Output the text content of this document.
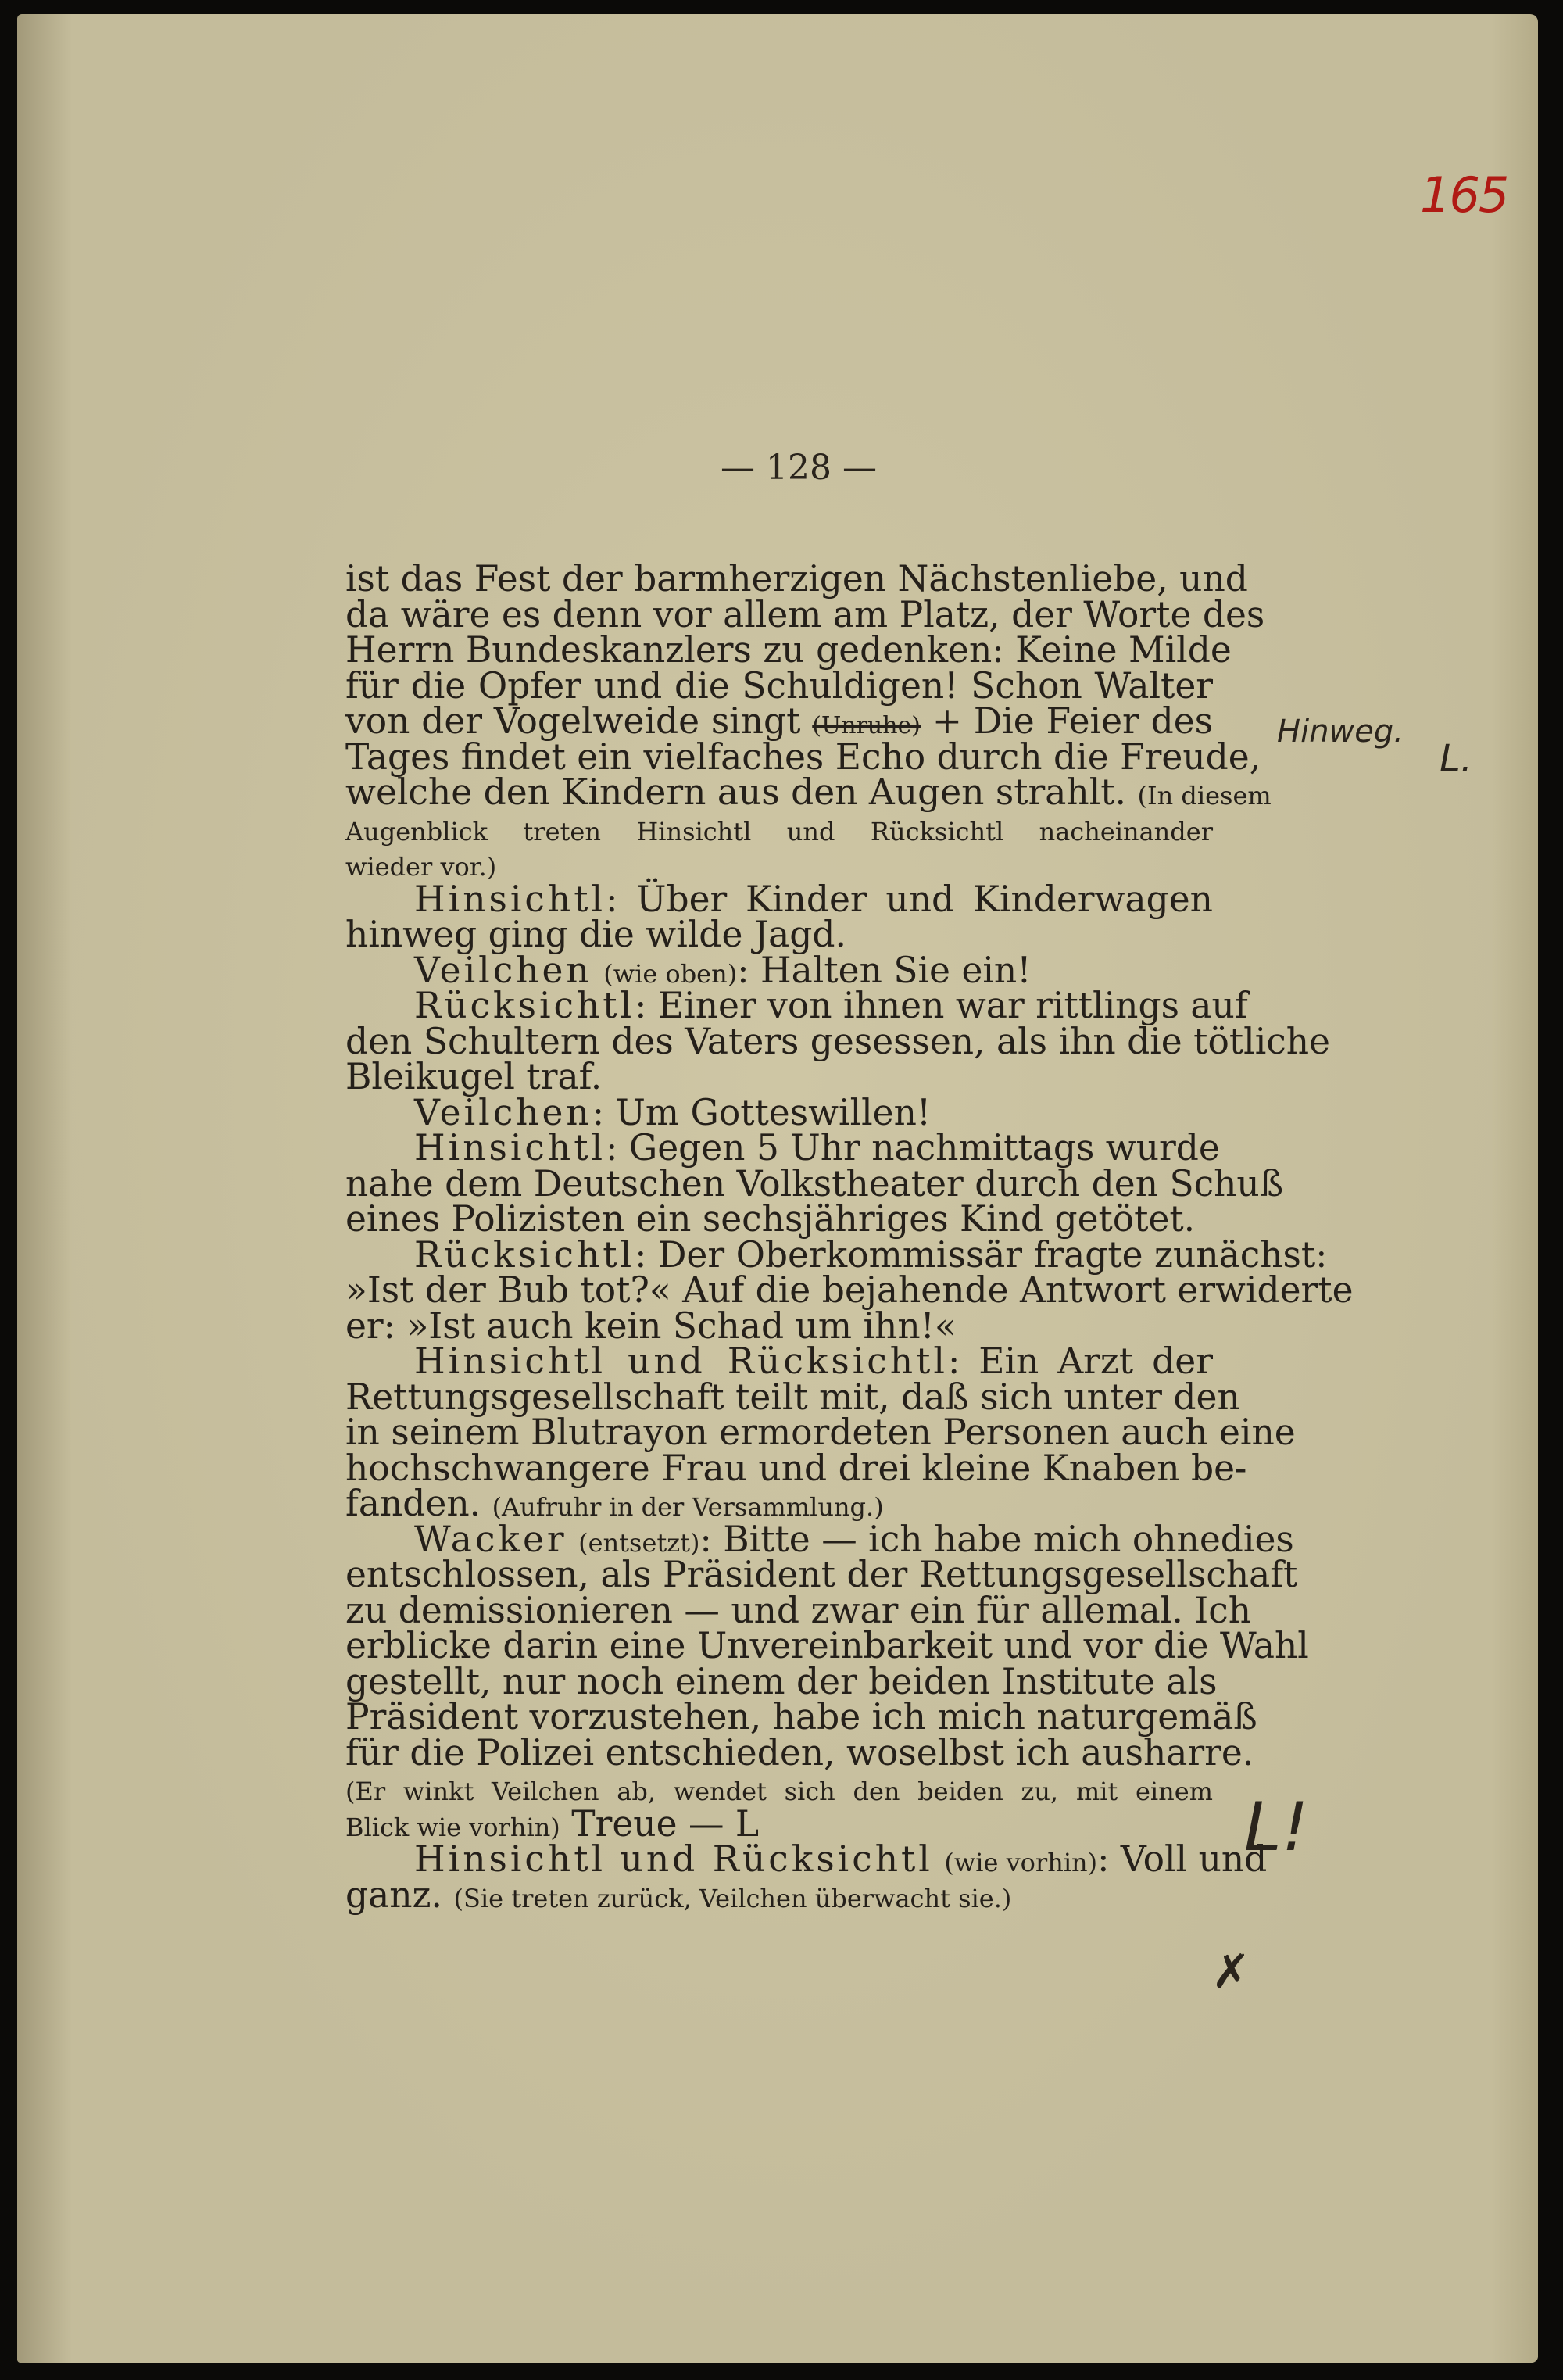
165
— 128 —
ist das Fest der barmherzigen Nächstenliebe, und
da wäre es denn vor allem am Platz, der Worte des
Herrn Bundeskanzlers zu gedenken: Keine Milde
für die Opfer und die Schuldigen! Schon Walter
von der Vogelweide singt (Unruhe) + Die Feier des
Tages findet ein vielfaches Echo durch die Freude,
welche den Kindern aus den Augen strahlt. (In diesem
Augenblick treten Hinsichtl und Rücksichtl nacheinander
wieder vor.)
Hinsichtl: Über Kinder und Kinderwagen
hinweg ging die wilde Jagd.
Veilchen (wie oben): Halten Sie ein!
Rücksichtl: Einer von ihnen war rittlings auf
den Schultern des Vaters gesessen, als ihn die tötliche
Bleikugel traf.
Veilchen: Um Gotteswillen!
Hinsichtl: Gegen 5 Uhr nachmittags wurde
nahe dem Deutschen Volkstheater durch den Schuß
eines Polizisten ein sechsjähriges Kind getötet.
Rücksichtl: Der Oberkommissär fragte zunächst:
»Ist der Bub tot?« Auf die bejahende Antwort erwiderte
er: »Ist auch kein Schad um ihn!«
Hinsichtl und Rücksichtl: Ein Arzt der
Rettungsgesellschaft teilt mit, daß sich unter den
in seinem Blutrayon ermordeten Personen auch eine
hochschwangere Frau und drei kleine Knaben be-
fanden. (Aufruhr in der Versammlung.)
Wacker (entsetzt): Bitte — ich habe mich ohnedies
entschlossen, als Präsident der Rettungsgesellschaft
zu demissionieren — und zwar ein für allemal. Ich
erblicke darin eine Unvereinbarkeit und vor die Wahl
gestellt, nur noch einem der beiden Institute als
Präsident vorzustehen, habe ich mich naturgemäß
für die Polizei entschieden, woselbst ich ausharre.
(Er winkt Veilchen ab, wendet sich den beiden zu, mit einem
Blick wie vorhin) Treue — L
Hinsichtl und Rücksichtl (wie vorhin): Voll und
ganz. (Sie treten zurück, Veilchen überwacht sie.)
Hinweg.
L.
L!
✗
